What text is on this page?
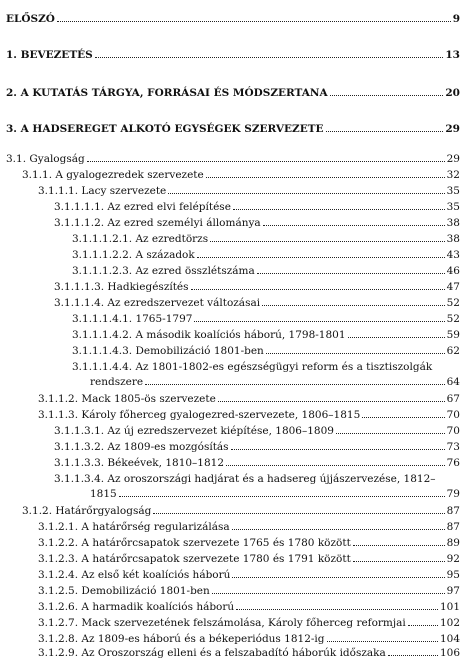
ELŐSZÓ	9
1. BEVEZETÉS	13
2. A KUTATÁS TÁRGYA, FORRÁSAI ÉS MÓDSZERTANA	20
3. A HADSEREGET ALKOTÓ EGYSÉGEK SZERVEZETE	29
3.1. Gyalogság	29
3.1.1. A gyalogezredek szervezete	32
3.1.1.1. Lacy szervezete	35
3.1.1.1.1. Az ezred elvi felépítése	35
3.1.1.1.2. Az ezred személyi állománya	38
3.1.1.1.2.1. Az ezredtörzs	38
3.1.1.1.2.2. A századok	43
3.1.1.1.2.3. Az ezred összlétszáma	46
3.1.1.1.3. Hadkiegészítés	47
3.1.1.1.4. Az ezredszervezet változásai	52
3.1.1.1.4.1. 1765-1797	52
3.1.1.1.4.2. A második koalíciós háború, 1798-1801	59
3.1.1.1.4.3. Demobilizáció 1801-ben	62
3.1.1.1.4.4. Az 1801-1802-es egészségügyi reform és a tisztiszolgák
rendszere	64
3.1.1.2. Mack 1805-ös szervezete	67
3.1.1.3. Károly főherceg gyalogezred-szervezete, 1806–1815	70
3.1.1.3.1. Az új ezredszervezet kiépítése, 1806–1809	70
3.1.1.3.2. Az 1809-es mozgósítás	73
3.1.1.3.3. Békeévek, 1810–1812	76
3.1.1.3.4. Az oroszországi hadjárat és a hadsereg újjászervezése, 1812–
1815	79
3.1.2. Határőrgyalogság	87
3.1.2.1. A határőrség regularizálása	87
3.1.2.2. A határőrcsapatok szervezete 1765 és 1780 között	89
3.1.2.3. A határőrcsapatok szervezete 1780 és 1791 között	92
3.1.2.4. Az első két koalíciós háború	95
3.1.2.5. Demobilizáció 1801-ben	97
3.1.2.6. A harmadik koalíciós háború	101
3.1.2.7. Mack szervezetének felszámolása, Károly főherceg reformjai	102
3.1.2.8. Az 1809-es háború és a békeperiódus 1812-ig	104
3.1.2.9. Az Oroszország elleni és a felszabadító háborúk időszaka	106
